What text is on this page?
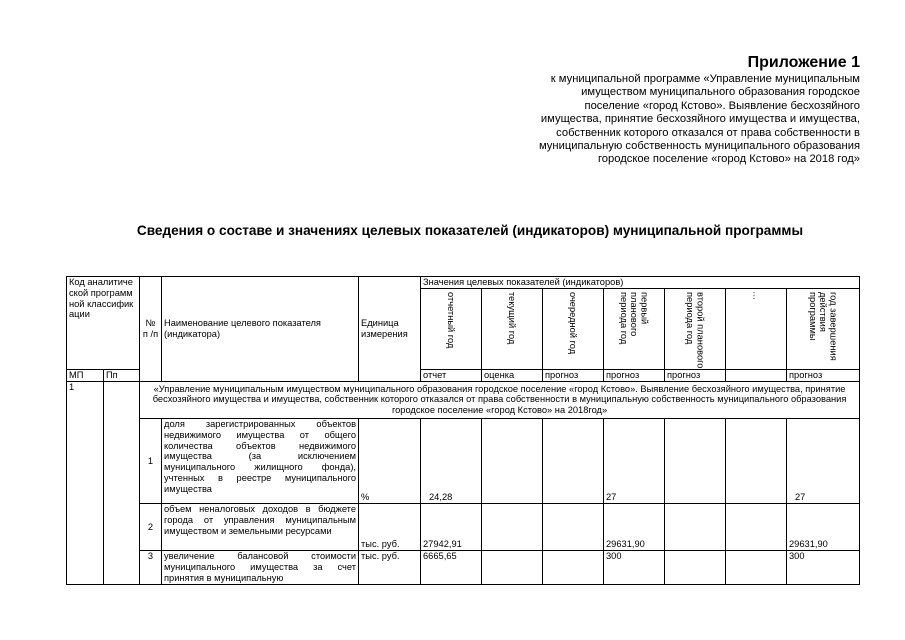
Приложение 1
к муниципальной программе «Управление муниципальным имуществом муниципального образования городское поселение «город Кстово». Выявление бесхозяйного имущества, принятие бесхозяйного имущества и имущества, собственник которого отказался от права собственности в муниципальную собственность муниципального образования городское поселение «город Кстово» на 2018 год»
Сведения о составе и значениях целевых показателей (индикаторов) муниципальной программы
Код аналитической программной классификации		№ п /п	Наименование целевого показателя (индикатора)	Единица измерения	Значения целевых показателей (индикаторов)						

					отчетный год	текущий год	очередной год	первый планового периода год	второй планового периода год	…	год завершения действия программы

МП	Пп				отчет	оценка	прогноз	прогноз	прогноз		прогноз
1		«Управление муниципальным имуществом муниципального образования городское поселение «город Кстово». Выявление бесхозяйного имущества, принятие бесхозяйного имущества и имущества, собственник которого отказался от права собственности в муниципальную собственность муниципального образования городское поселение «город Кстово» на 2018год»									
		1	доля зарегистрированных объектов недвижимого имущества от общего количества объектов недвижимого имущества (за исключением муниципального жилищного фонда), учтенных в реестре муниципального имущества	%	24,28			27			27
		2	объем неналоговых доходов в бюджете города от управления муниципальным имуществом и земельными ресурсами	тыс. руб.	27942,91			29631,90			29631,90
		3	увеличение балансовой стоимости муниципального имущества за счет принятия в муниципальную	тыс. руб.	6665,65			300			300
